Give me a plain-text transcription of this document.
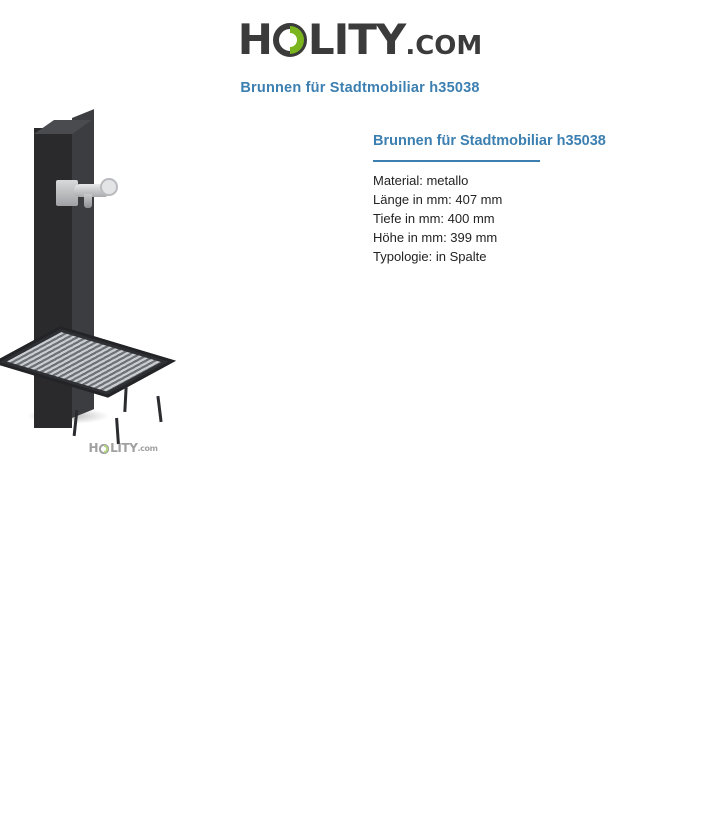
H LITY.COM
Brunnen für Stadtmobiliar h35038
H LITY .com
Brunnen für Stadtmobiliar h35038
Material: metallo
Länge in mm: 407 mm
Tiefe in mm: 400 mm
Höhe in mm: 399 mm
Typologie: in Spalte
